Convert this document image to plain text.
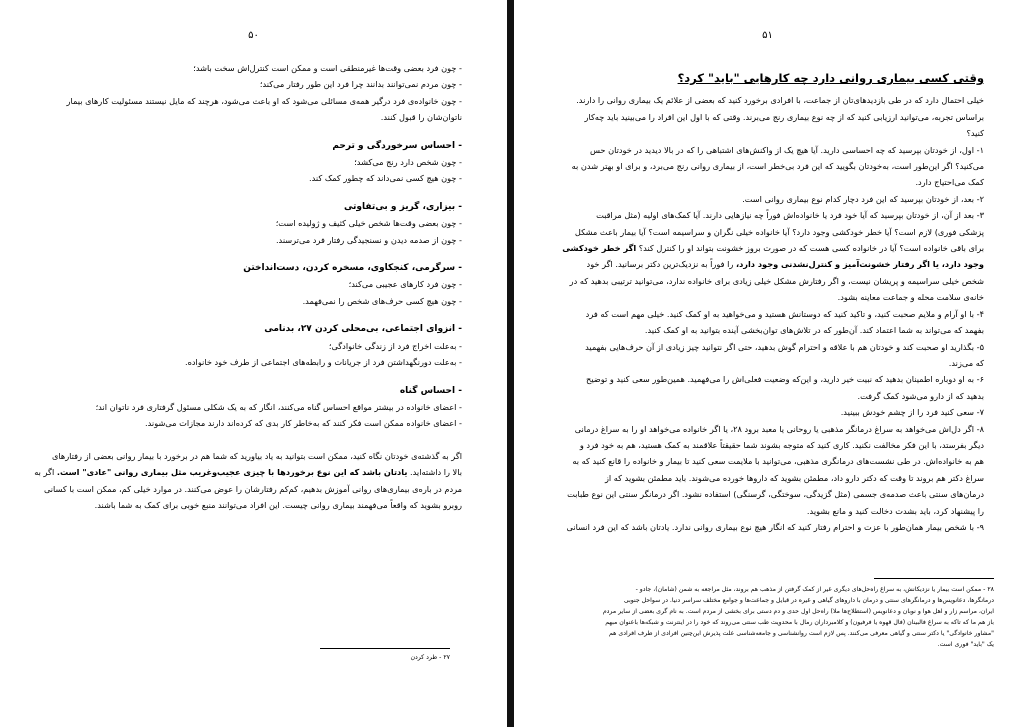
۵۰
- چون فرد بعضی وقت‌ها غیرمنطقی است و ممکن است کنترل‌اش سخت باشد؛
- چون مردم نمی‌توانند بدانند چرا فرد این طور رفتار می‌کند؛
- چون خانواده‌ی فرد درگیر همه‌ی مسائلی می‌شود که او باعث می‌شود، هرچند که مایل نیستند مسئولیت کارهای بیمار
ناتوان‌شان را قبول کنند.
- احساس سرخوردگی و ترحم
- چون شخص دارد رنج می‌کشد؛
- چون هیچ کسی نمی‌داند که چطور کمک کند.
- بیزاری، گریز و بی‌تفاوتی
- چون بعضی وقت‌ها شخص خیلی کثیف و ژولیده است؛
- چون از صدمه دیدن و نسنجیدگی رفتار فرد می‌ترسند.
- سرگرمی، کنجکاوی، مسخره کردن، دست‌انداختن
- چون فرد کارهای عجیبی می‌کند؛
- چون هیچ کسی حرف‌های شخص را نمی‌فهمد.
- انزوای اجتماعی، بی‌محلی کردن ۲۷، بدنامی
- به‌علت اخراج فرد از زندگی خانوادگی؛
- به‌علت دورنگهداشتن فرد از جریانات و رابطه‌های اجتماعی از طرف خود خانواده.
- احساس گناه
- اعضای خانواده در بیشتر مواقع احساس گناه می‌کنند، انگار که به یک شکلی مسئول گرفتاری فرد ناتوان اند؛
- اعضای خانواده ممکن است فکر کنند که به‌خاطر کار بدی که کرده‌اند دارند مجازات می‌شوند.
اگر به گذشته‌ی خودتان نگاه کنید، ممکن است بتوانید به یاد بیاورید که شما هم در برخورد با بیمار روانی بعضی از رفتارهای
بالا را داشته‌اید. یادتان باشد که این نوع برخوردها با چیزی عجیب‌وغریب مثل بیماری روانی "عادی" است. اگر به
مردم در باره‌ی بیماری‌های روانی آموزش بدهیم، کم‌کم رفتارشان را عوض می‌کنند. در موارد خیلی کم، ممکن است با کسانی
روبرو بشوید که واقعاً می‌فهمند بیماری روانی چیست. این افراد می‌توانند منبع خوبی برای کمک به شما باشند.
۲۷ - طرد کردن
۵۱
وقتی کسی بیماری روانی دارد چه کارهایی "باید" کرد؟
خیلی احتمال دارد که در طی بازدیدهای‌تان از جماعت، با افرادی برخورد کنید که بعضی از علائم یک بیماری روانی را دارند.
براساس تجربه، می‌توانید ارزیابی کنید که از چه نوع بیماری رنج می‌برند. وقتی که با اول این افراد را می‌بینید باید چه‌کار
کنید؟
۱- اول، از خودتان بپرسید که چه احساسی دارید. آیا هیچ یک از واکنش‌های اشتباهی را که در بالا دیدید در خودتان حس
می‌کنید؟ اگر این‌طور است، به‌خودتان بگویید که این فرد بی‌خطر است، از بیماری روانی رنج می‌برد، و برای او بهتر شدن به
کمک می‌احتیاج دارد.
۲- بعد، از خودتان بپرسید که این فرد دچار کدام نوع بیماری روانی است.
۳- بعد از آن، از خودتان بپرسید که آیا خود فرد یا خانواده‌اش فوراً چه نیازهایی دارند. آیا کمک‌های اولیه (مثل مراقبت
پزشکی فوری) لازم است؟ آیا خطر خودکشی وجود دارد؟ آیا خانواده خیلی نگران و سراسیمه است؟ آیا بیمار باعث مشکل
برای باقی خانواده است؟ آیا در خانواده کسی هست که در صورت بروز خشونت بتواند او را کنترل کند؟ اگر خطر خودکشی
وجود دارد، یا اگر رفتار خشونت‌آمیز و کنترل‌نشدنی وجود دارد، را فوراً به نزدیک‌ترین دکتر برسانید. اگر خود
شخص خیلی سراسیمه و پریشان نیست، و اگر رفتارش مشکل خیلی زیادی برای خانواده ندارد، می‌توانید ترتیبی بدهید که در
خانه‌ی سلامت محله و جماعت معاینه بشود.
۴- با او آرام و ملایم صحبت کنید، و تاکید کنید که دوستانش هستید و می‌خواهید به او کمک کنید. خیلی مهم است که فرد
بفهمد که می‌تواند به شما اعتماد کند. آن‌طور که در تلاش‌های توان‌بخشی آینده بتوانید به او کمک کنید.
۵- بگذارید او صحبت کند و خودتان هم با علاقه و احترام گوش بدهید، حتی اگر نتوانید چیز زیادی از آن حرف‌هایی بفهمید
که می‌زند.
۶- به او دوباره اطمینان بدهید که نبیت خیر دارید، و این‌که وضعیت فعلی‌اش را می‌فهمید. همین‌طور سعی کنید و توضیح
بدهید که از دارو می‌شود کمک گرفت.
۷- سعی کنید فرد را از چشم خودش ببینید.
۸- اگر دل‌اش می‌خواهد به سراغ درمانگر مذهبی یا روحانی یا معبد برود ۲۸، یا اگر خانواده می‌خواهد او را به سراغ درمانی
دیگر بفرستد، با این فکر مخالفت نکنید. کاری کنید که متوجه بشوند شما حقیقتاً علاقمند به کمک هستید، هم به خود فرد و
هم به خانواده‌اش. در طی نشست‌های درمانگری مذهبی، می‌توانید با ملایمت سعی کنید تا بیمار و خانواده را قانع کنید که به
سراغ دکتر هم بروند تا وقت که دکتر دارو داد، مطمئن بشوید که داروها خورده می‌شوند. باید مطمئن بشوید که از
درمان‌های سنتی باعث صدمه‌ی جسمی (مثل گزیدگی، سوختگی، گرسنگی) استفاده نشود. اگر درمانگر سنتی این نوع طبابت
را پیشنهاد کرد، باید بشدت دخالت کنید و مانع بشوید.
۹- با شخص بیمار همان‌طور با عزت و احترام رفتار کنید که انگار هیچ نوع بیماری روانی ندارد. یادتان باشد که این فرد انسانی
۲۸ - ممکن است بیمار یا نزدیکانش، به سراغ راه‌حل‌های دیگری غیر از کمک گرفتن از مذهب هم بروند، مثل مراجعه به شمن (شامان)، جادو -
درمانگرها، دعانویس‌ها و درمانگرهای سنتی و درمان با داروهای گیاهی و غیره در قبایل و جماعت‌ها و جوامع مختلف سراسر دنیا. در سواحل جنوبی
ایران، مراسم زار و اهل هوا و نوبان و دعانویس (استطلاح‌ها ملا) راه‌حل اول حدی و دم دستی برای بخشی از مردم است. به نام گری بعضی از سایر مردم
باز هم ما که تاکه به سراغ فالبینان (فال قهوه یا فرفیون) و کلامبرداران رمال با محدویت طب سنتی می‌روند که خود را در اینترنت و شبکه‌ها باعنوان مبهم
"مشاور خانوادگی" یا دکتر سنتی و گیاهی معرفی می‌کنند. پس لازم است روانشناسی و جامعه‌شناسی علت پذیرش این‌چنین افرادی از طرف افرادی هم
یک "باید" فوری است.
